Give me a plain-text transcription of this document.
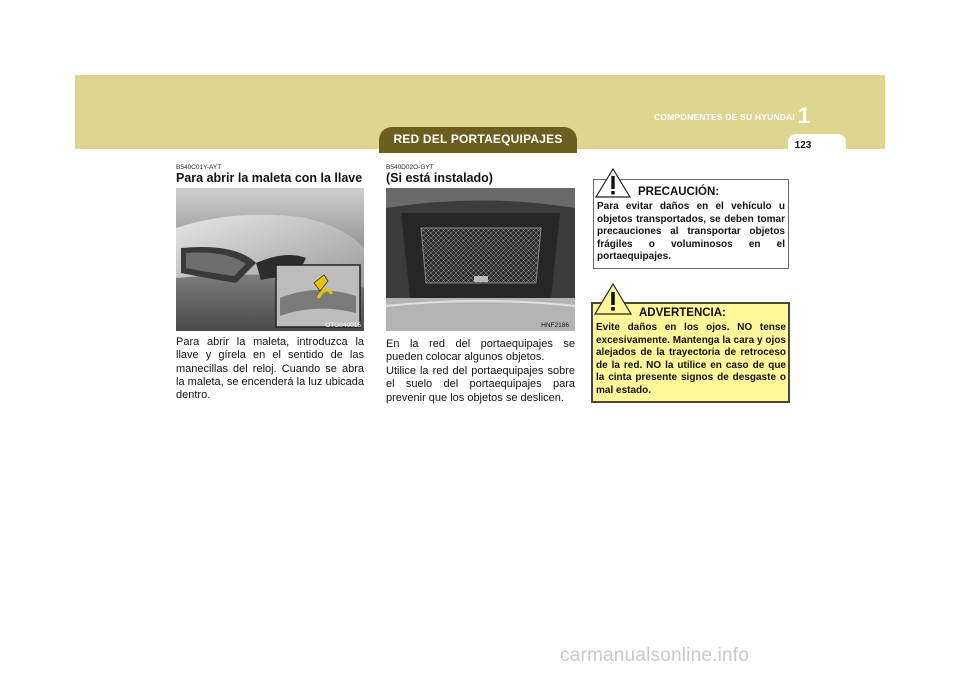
COMPONENTES DE SU HYUNDAI 1
123
RED DEL PORTAEQUIPAJES
B540C01Y-AYT
Para abrir la maleta con la llave
OTG040015
Para abrir la maleta, introduzca la llave y gírela en el sentido de las manecillas del reloj. Cuando se abra la maleta, se encenderá la luz ubicada dentro.
B540D02O-GYT
(Si está instalado)
HNF2186
En la red del portaequipajes se pueden colocar algunos objetos.
Utilice la red del portaequipajes sobre el suelo del portaequipajes para prevenir que los objetos se deslicen.
PRECAUCIÓN:
Para evitar daños en el vehículo u objetos transportados, se deben tomar precauciones al transportar objetos frágiles o voluminosos en el portaequipajes.
ADVERTENCIA:
Evite daños en los ojos. NO tense excesivamente. Mantenga la cara y ojos alejados de la trayectoria de retroceso de la red. NO la utilice en caso de que la cinta presente signos de desgaste o mal estado.
carmanualsonline.info
